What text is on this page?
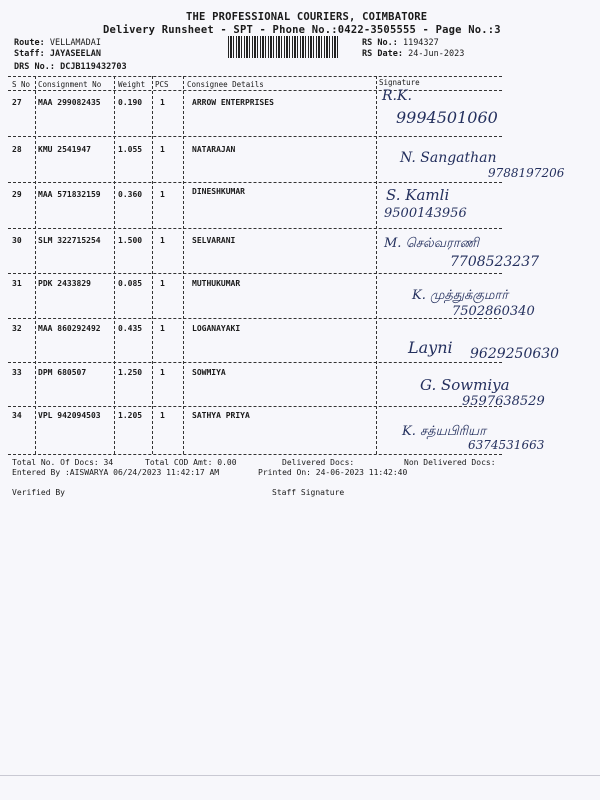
THE PROFESSIONAL COURIERS, COIMBATORE
Delivery Runsheet - SPT - Phone No.:0422-3505555 - Page No.:3
Route: VELLAMADAI
Staff: JAYASEELAN
DRS No.: DCJB119432703
RS No.: 1194327
RS Date: 24-Jun-2023
S No Consignment No Weight PCS Consignee Details	Signature
27 MAA 299082435 0.190 1	ARROW ENTERPRISES	R.K.
9994501060
28 KMU 2541947	1.055 1	NATARAJAN
N. Sangathan
9788197206
29 MAA 571832159 0.360 1	DINESHKUMAR	S. Kamli
9500143956
30 SLM 322715254 1.500 1	SELVARANI	M. செல்வராணி
7708523237
31 PDK 2433829	0.085 1	MUTHUKUMAR
K. முத்துக்குமார்
7502860340
32 MAA 860292492 0.435 1	LOGANAYAKI
Layni 9629250630
33 DPM 680507	1.250 1	SOWMIYA
G. Sowmiya
9597638529
34 VPL 942094503 1.205 1	SATHYA PRIYA
K. சத்யபிரியா
6374531663
Total No. Of Docs: 34	Total COD Amt: 0.00	Delivered Docs:	Non Delivered Docs:
Entered By :AISWARYA 06/24/2023 11:42:17 AM	Printed On: 24-06-2023 11:42:40
Verified By	Staff Signature
